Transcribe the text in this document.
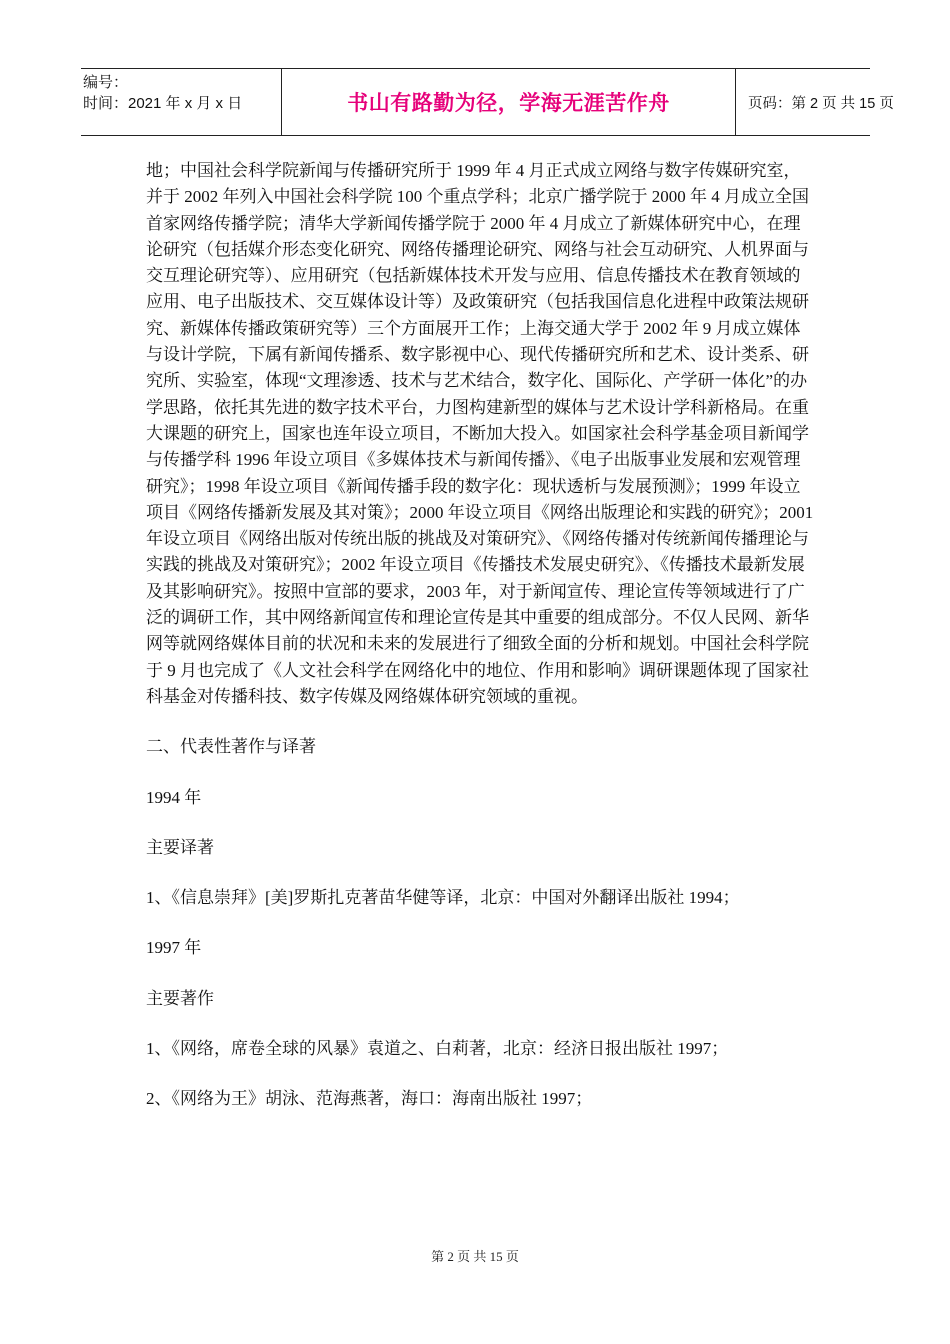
编号：
时间：2021 年 x 月 x 日	书山有路勤为径，学海无涯苦作舟	页码：第 2 页 共 15 页

地；中国社会科学院新闻与传播研究所于 1999 年 4 月正式成立网络与数字传媒研究室，并于 2002 年列入中国社会科学院 100 个重点学科；北京广播学院于 2000 年 4 月成立全国首家网络传播学院；清华大学新闻传播学院于 2000 年 4 月成立了新媒体研究中心，在理论研究（包括媒介形态变化研究、网络传播理论研究、网络与社会互动研究、人机界面与交互理论研究等）、应用研究（包括新媒体技术开发与应用、信息传播技术在教育领域的应用、电子出版技术、交互媒体设计等）及政策研究（包括我国信息化进程中政策法规研究、新媒体传播政策研究等）三个方面展开工作；上海交通大学于 2002 年 9 月成立媒体与设计学院，下属有新闻传播系、数字影视中心、现代传播研究所和艺术、设计类系、研究所、实验室，体现“文理渗透、技术与艺术结合，数字化、国际化、产学研一体化”的办学思路，依托其先进的数字技术平台，力图构建新型的媒体与艺术设计学科新格局。在重大课题的研究上，国家也连年设立项目，不断加大投入。如国家社会科学基金项目新闻学与传播学科 1996 年设立项目《多媒体技术与新闻传播》、《电子出版事业发展和宏观管理研究》；1998 年设立项目《新闻传播手段的数字化：现状透析与发展预测》；1999 年设立项目《网络传播新发展及其对策》；2000 年设立项目《网络出版理论和实践的研究》；2001 年设立项目《网络出版对传统出版的挑战及对策研究》、《网络传播对传统新闻传播理论与实践的挑战及对策研究》；2002 年设立项目《传播技术发展史研究》、《传播技术最新发展及其影响研究》。按照中宣部的要求，2003 年，对于新闻宣传、理论宣传等领域进行了广泛的调研工作，其中网络新闻宣传和理论宣传是其中重要的组成部分。不仅人民网、新华网等就网络媒体目前的状况和未来的发展进行了细致全面的分析和规划。中国社会科学院于 9 月也完成了《人文社会科学在网络化中的地位、作用和影响》调研课题体现了国家社科基金对传播科技、数字传媒及网络媒体研究领域的重视。

二、代表性著作与译著

1994 年

主要译著

1、《信息崇拜》[美]罗斯扎克著苗华健等译，北京：中国对外翻译出版社 1994；

1997 年

主要著作

1、《网络，席卷全球的风暴》袁道之、白莉著，北京：经济日报出版社 1997；

2、《网络为王》胡泳、范海燕著，海口：海南出版社 1997；

第 2 页 共 15 页
